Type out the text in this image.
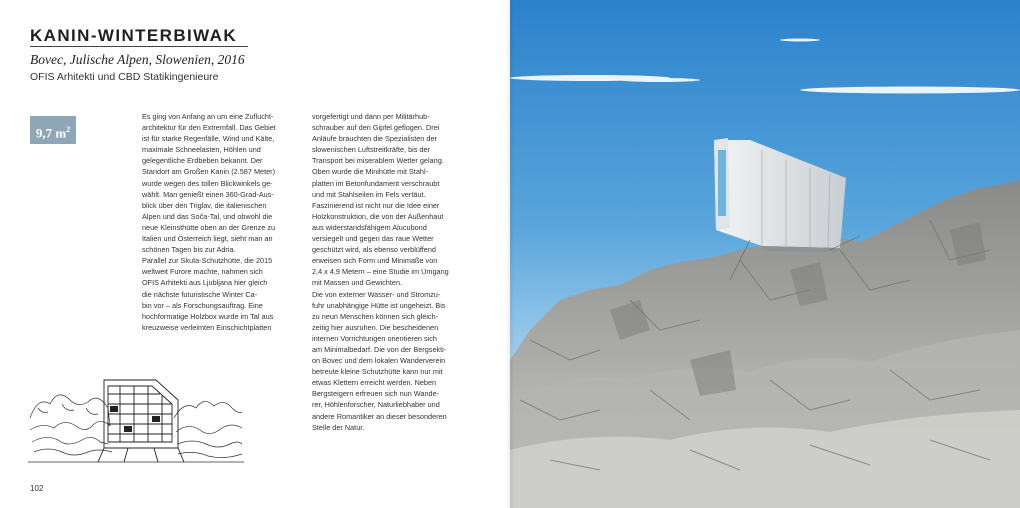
KANIN-WINTERBIWAK
Bovec, Julische Alpen, Slowenien, 2016
OFIS Arhitekti und CBD Statikingenieure
9,7 $m^2$

Es ging von Anfang an um eine Zuflucht-

architektur für den Extremfall. Das Gebiet

ist für starke Regenfälle, Wind und Kälte,

maximale Schneelasten, Höhlen und

gelegentliche Erdbeben bekannt. Der

Standort am Großen Kanin (2.587 Meter)

wurde wegen des tollen Blickwinkels ge-

wählt. Man genießt einen 360-Grad-Aus-

blick über den Triglav, die italienischen

Alpen und das Soča-Tal, und obwohl die

neue Kleinsthütte oben an der Grenze zu

Italien und Österreich liegt, sieht man an

schönen Tagen bis zur Adria.

Parallel zur Skuta-Schutzhütte, die 2015

weltweit Furore machte, nahmen sich

OFIS Arhitekti aus Ljubljana hier gleich

die nächste futuristische Winter Ca-

bin vor – als Forschungsauftrag. Eine

hochformatige Holzbox wurde im Tal aus

kreuzweise verleimten Einschichtplatten

vorgefertigt und dann per Militärhub-

schrauber auf den Gipfel geflogen. Drei

Anläufe brauchten die Spezialisten der

slowenischen Luftstreitkräfte, bis der

Transport bei miserablem Wetter gelang.

Oben wurde die Minihütte mit Stahl-

platten im Betonfundament verschraubt

und mit Stahlseilen im Fels vertäut.

Faszinierend ist nicht nur die Idee einer

Holzkonstruktion, die von der Außenhaut

aus widerstandsfähigem Alucubond

versiegelt und gegen das raue Wetter

geschützt wird, als ebenso verblüffend

erweisen sich Form und Minimaße von

2,4 x 4,9 Metern – eine Studie im Umgang

mit Massen und Gewichten.

Die von externer Wasser- und Stromzu-

fuhr unabhängige Hütte ist ungeheizt. Bis

zu neun Menschen können sich gleich-

zeitig hier ausruhen. Die bescheidenen

internen Vorrichtungen orientieren sich

am Minimalbedarf. Die von der Bergsekti-

on Bovec und dem lokalen Wanderverein

betreute kleine Schutzhütte kann nur mit

etwas Klettern erreicht werden. Neben

Bergsteigern erfreuen sich nun Wande-

rer, Höhlenforscher, Naturliebhaber und

andere Romantiker an dieser besonderen

Stelle der Natur.

102
